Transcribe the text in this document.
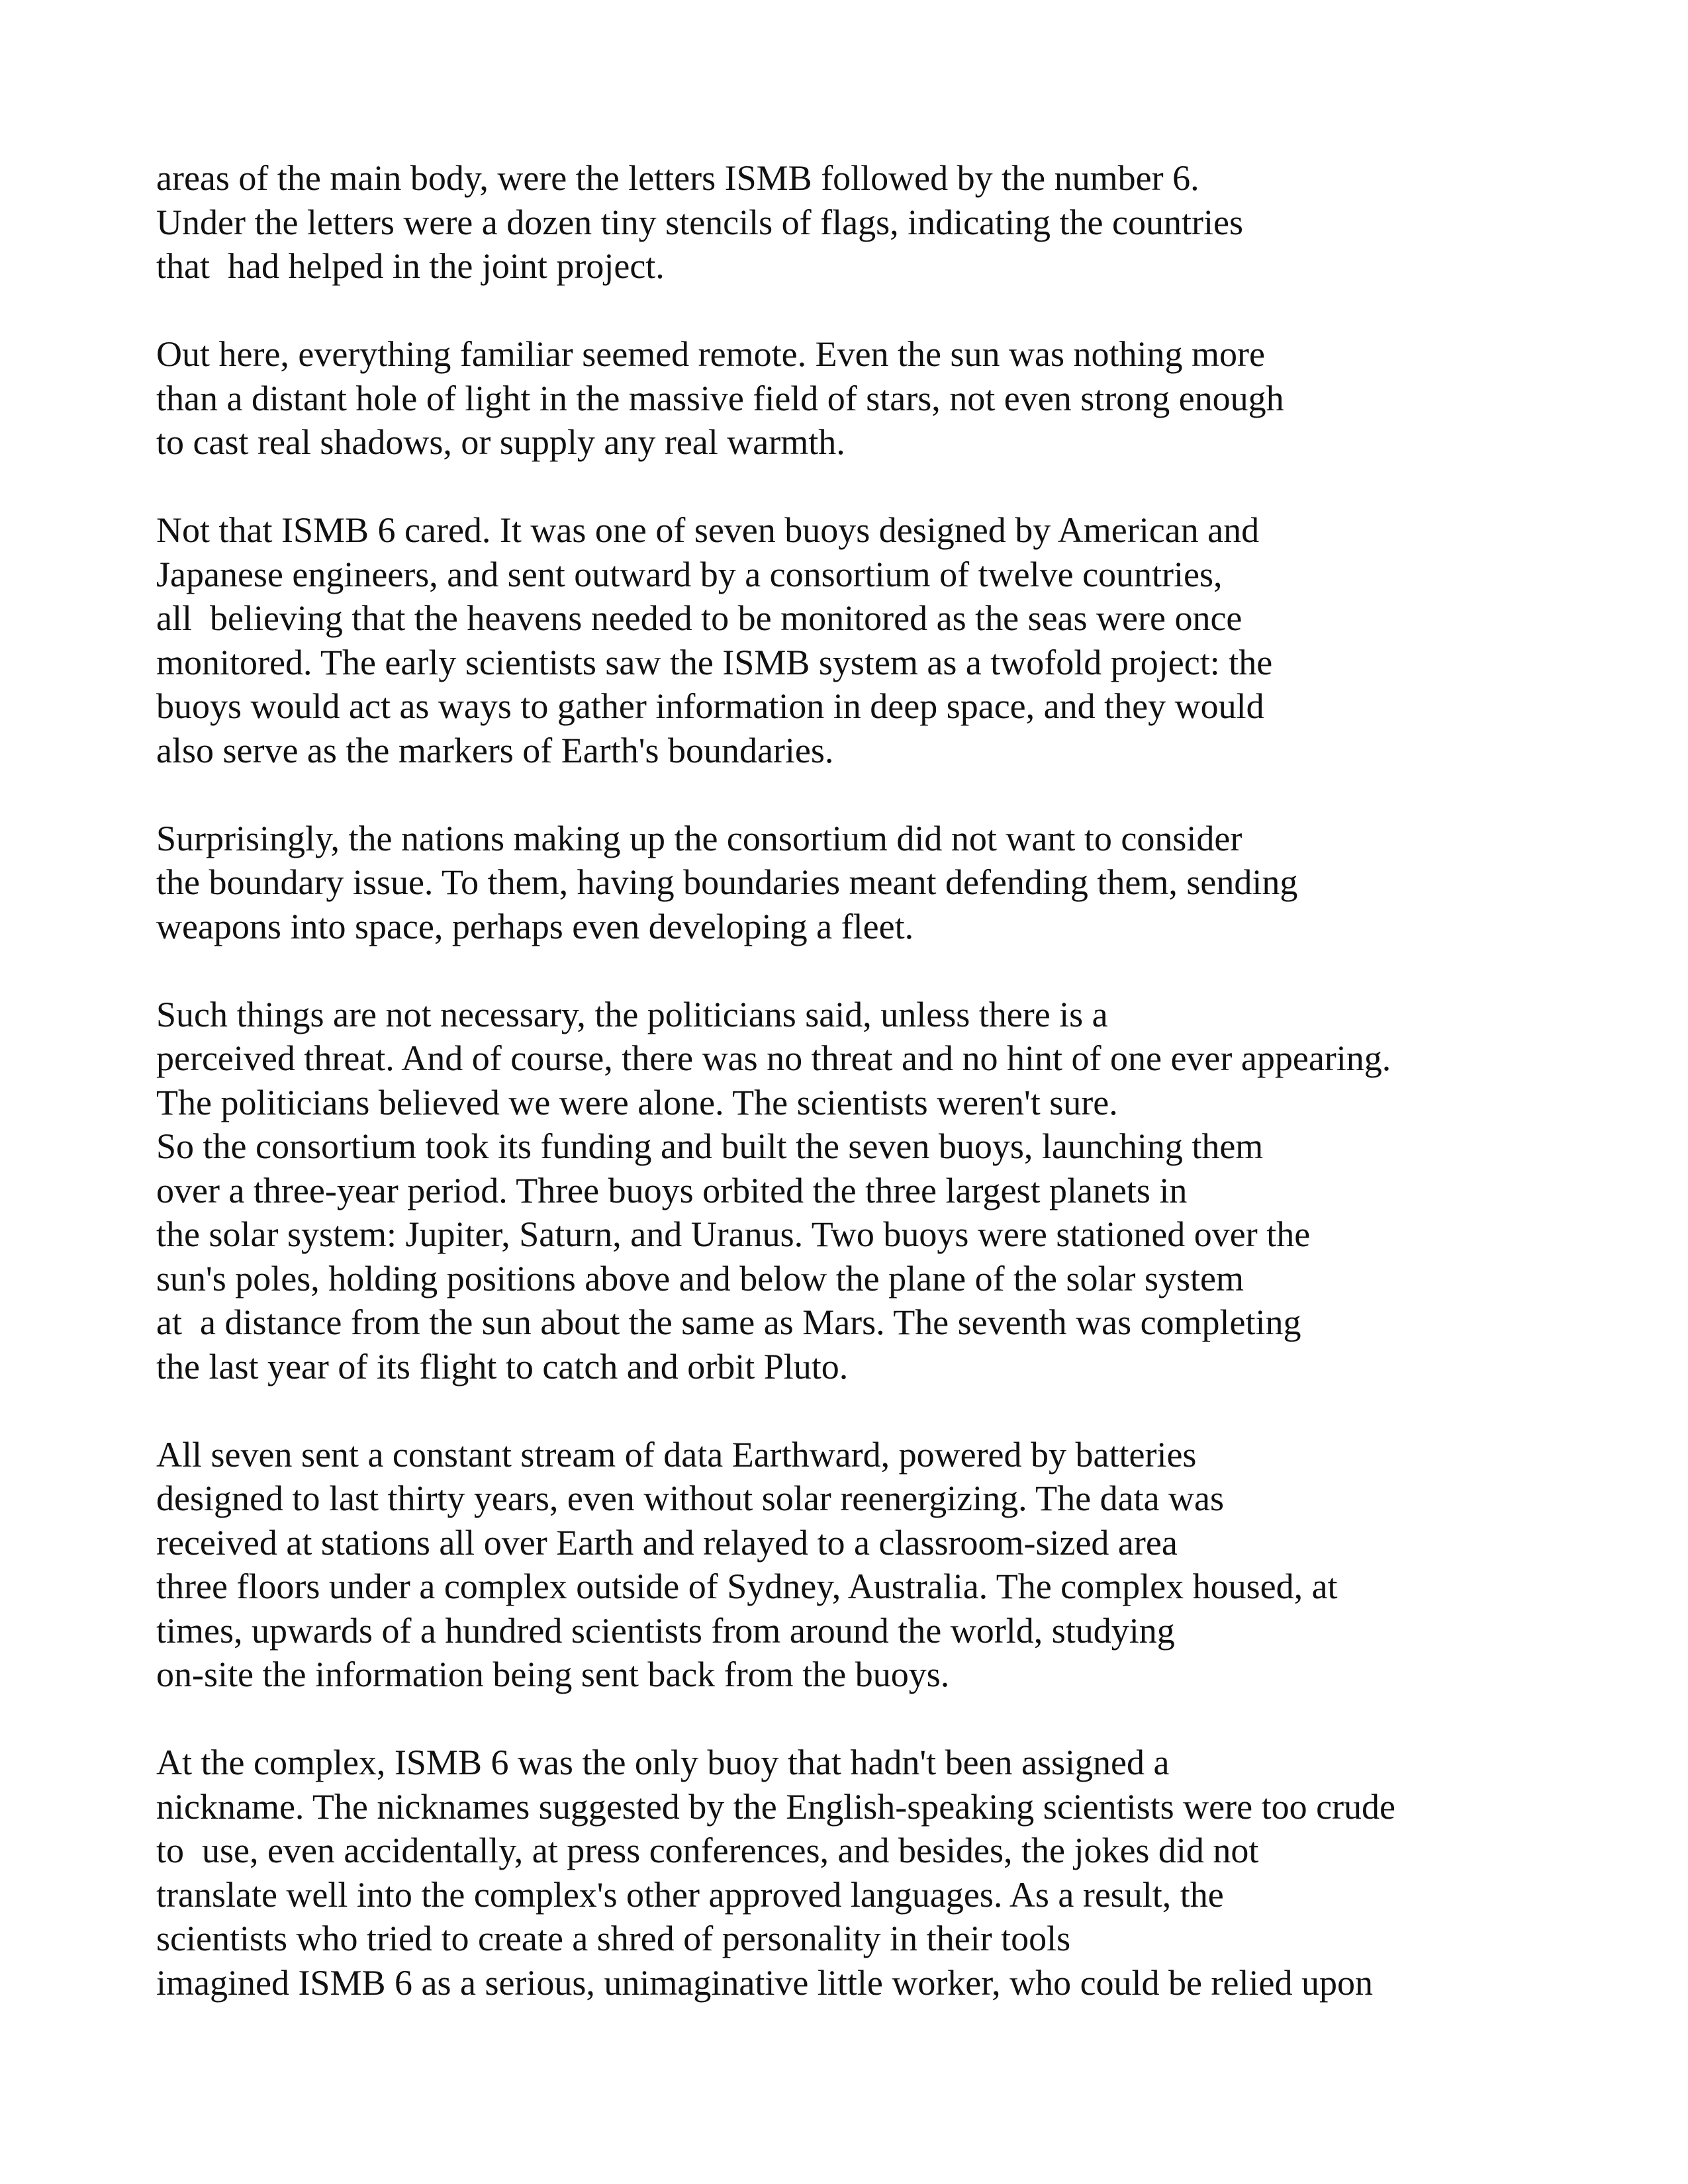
areas of the main body, were the letters ISMB followed by the number 6.
Under the letters were a dozen tiny stencils of flags, indicating the countries
that  had helped in the joint project.

Out here, everything familiar seemed remote. Even the sun was nothing more
than a distant hole of light in the massive field of stars, not even strong enough
to cast real shadows, or supply any real warmth.

Not that ISMB 6 cared. It was one of seven buoys designed by American and
Japanese engineers, and sent outward by a consortium of twelve countries,
all  believing that the heavens needed to be monitored as the seas were once
monitored. The early scientists saw the ISMB system as a twofold project: the
buoys would act as ways to gather information in deep space, and they would
also serve as the markers of Earth's boundaries.

Surprisingly, the nations making up the consortium did not want to consider
the boundary issue. To them, having boundaries meant defending them, sending
weapons into space, perhaps even developing a fleet.

Such things are not necessary, the politicians said, unless there is a
perceived threat. And of course, there was no threat and no hint of one ever appearing.
The politicians believed we were alone. The scientists weren't sure.
So the consortium took its funding and built the seven buoys, launching them
over a three-year period. Three buoys orbited the three largest planets in
the solar system: Jupiter, Saturn, and Uranus. Two buoys were stationed over the
sun's poles, holding positions above and below the plane of the solar system
at  a distance from the sun about the same as Mars. The seventh was completing
the last year of its flight to catch and orbit Pluto.

All seven sent a constant stream of data Earthward, powered by batteries
designed to last thirty years, even without solar reenergizing. The data was
received at stations all over Earth and relayed to a classroom-sized area
three floors under a complex outside of Sydney, Australia. The complex housed, at
times, upwards of a hundred scientists from around the world, studying
on-site the information being sent back from the buoys.

At the complex, ISMB 6 was the only buoy that hadn't been assigned a
nickname. The nicknames suggested by the English-speaking scientists were too crude
to  use, even accidentally, at press conferences, and besides, the jokes did not
translate well into the complex's other approved languages. As a result, the
scientists who tried to create a shred of personality in their tools
imagined ISMB 6 as a serious, unimaginative little worker, who could be relied upon
